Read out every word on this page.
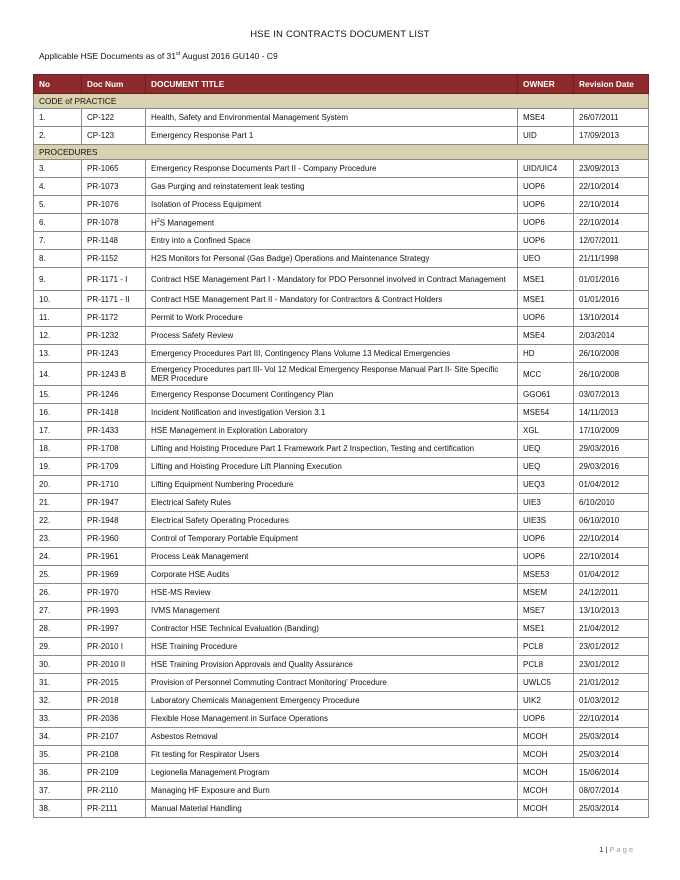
HSE IN CONTRACTS DOCUMENT LIST
Applicable HSE Documents as of 31st August 2016 GU140 - C9
No	Doc Num	DOCUMENT TITLE	OWNER	Revision Date
CODE of PRACTICE				
1.	CP-122	Health, Safety and Environmental Management System	MSE4	26/07/2011
2.	CP-123	Emergency Response Part 1	UID	17/09/2013
PROCEDURES				
3.	PR-1065	Emergency Response Documents Part II - Company Procedure	UID/UIC4	23/09/2013
4.	PR-1073	Gas Purging and reinstatement leak testing	UOP6	22/10/2014
5.	PR-1076	Isolation of Process Equipment	UOP6	22/10/2014
6.	PR-1078	$H^2S$ Management	UOP6	22/10/2014
7.	PR-1148	Entry into a Confined Space	UOP6	12/07/2011
8.	PR-1152	H2S Monitors for Personal (Gas Badge) Operations and Maintenance Strategy	UEO	21/11/1998
9.	PR-1171 - I	Contract HSE Management Part I - Mandatory for PDO Personnel involved in Contract Management	MSE1	01/01/2016
10.	PR-1171 - II	Contract HSE Management Part II - Mandatory for Contractors & Contract Holders	MSE1	01/01/2016
11.	PR-1172	Permit to Work Procedure	UOP6	13/10/2014
12.	PR-1232	Process Safety Review	MSE4	2/03/2014
13.	PR-1243	Emergency Procedures Part III, Contingency Plans Volume 13 Medical Emergencies	HD	26/10/2008
14.	PR-1243 B	Emergency Procedures part III- Vol 12 Medical Emergency Response Manual Part II- Site Specific MER Procedure	MCC	26/10/2008
15.	PR-1246	Emergency Response Document Contingency Plan	GGO61	03/07/2013
16.	PR-1418	Incident Notification and investigation Version 3.1	MSE54	14/11/2013
17.	PR-1433	HSE Management in Exploration Laboratory	XGL	17/10/2009
18.	PR-1708	Lifting and Hoisting Procedure Part 1 Framework Part 2 Inspection, Testing and certification	UEQ	29/03/2016
19.	PR-1709	Lifting and Hoisting Procedure Lift Planning Execution	UEQ	29/03/2016
20.	PR-1710	Lifting Equipment Numbering Procedure	UEQ3	01/04/2012
21.	PR-1947	Electrical Safety Rules	UIE3	6/10/2010
22.	PR-1948	Electrical Safety Operating Procedures	UIE3S	06/10/2010
23.	PR-1960	Control of Temporary Portable Equipment	UOP6	22/10/2014
24.	PR-1961	Process Leak Management	UOP6	22/10/2014
25.	PR-1969	Corporate HSE Audits	MSE53	01/04/2012
26.	PR-1970	HSE-MS Review	MSEM	24/12/2011
27.	PR-1993	IVMS Management	MSE7	13/10/2013
28.	PR-1997	Contractor HSE Technical Evaluation (Banding)	MSE1	21/04/2012
29.	PR-2010 I	HSE Training Procedure	PCL8	23/01/2012
30.	PR-2010 II	HSE Training Provision Approvals and Quality Assurance	PCL8	23/01/2012
31.	PR-2015	Provision of Personnel Commuting Contract Monitoring' Procedure	UWLC5	21/01/2012
32.	PR-2018	Laboratory Chemicals Management Emergency Procedure	UIK2	01/03/2012
33.	PR-2036	Flexible Hose Management in Surface Operations	UOP6	22/10/2014
34.	PR-2107	Asbestos Removal	MCOH	25/03/2014
35.	PR-2108	Fit testing for Respirator Users	MCOH	25/03/2014
36.	PR-2109	Legionella Management Program	MCOH	15/06/2014
37.	PR-2110	Managing HF Exposure and Burn	MCOH	08/07/2014
38.	PR-2111	Manual Material Handling	MCOH	25/03/2014
1 | Page
